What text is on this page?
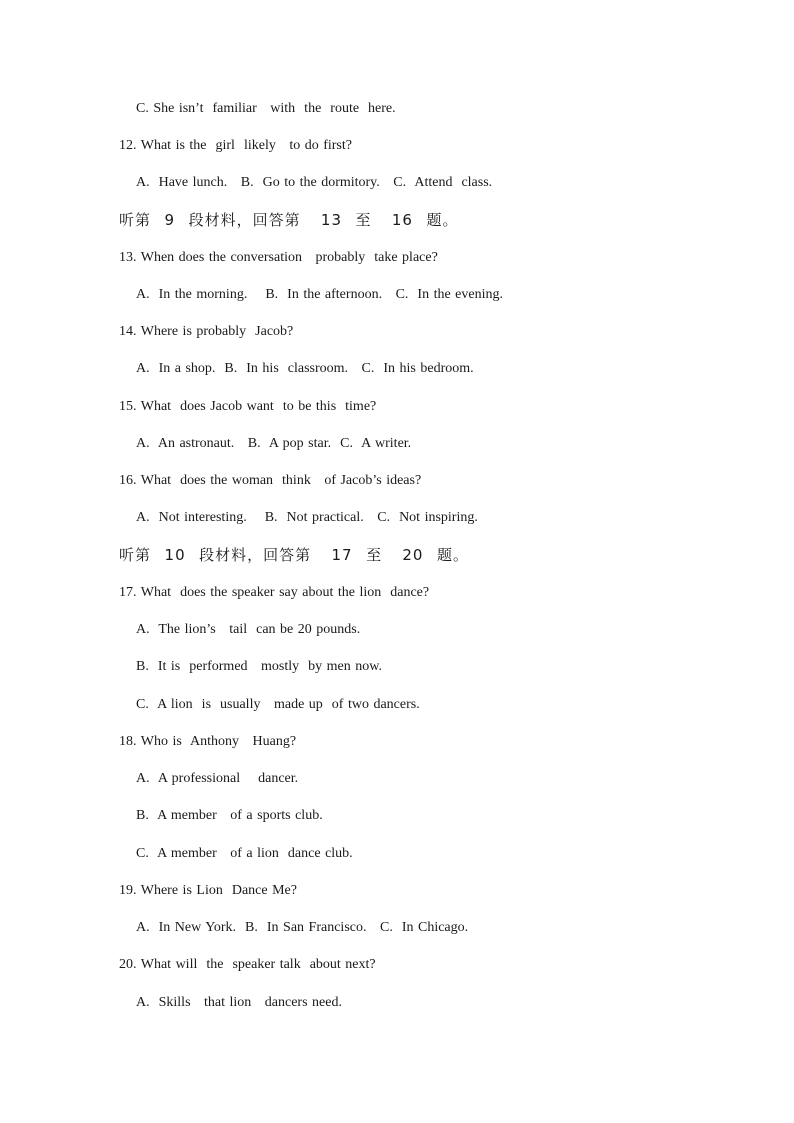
C. She isn’t  familiar   with  the  route  here.
12. What is the  girl  likely   to do first?
A.  Have lunch.   B.  Go to the dormitory.   C.  Attend  class.
听第  9  段材料，回答第   13  至   16  题。
13. When does the conversation   probably  take place?
A.  In the morning.    B.  In the afternoon.   C.  In the evening.
14. Where is probably  Jacob?
A.  In a shop.  B.  In his  classroom.   C.  In his bedroom.
15. What  does Jacob want  to be this  time?
A.  An astronaut.   B.  A pop star.  C.  A writer.
16. What  does the woman  think   of Jacob’s ideas?
A.  Not interesting.    B.  Not practical.   C.  Not inspiring.
听第  10  段材料，回答第   17  至   20  题。
17. What  does the speaker say about the lion  dance?
A.  The lion’s   tail  can be 20 pounds.
B.  It is  performed   mostly  by men now.
C.  A lion  is  usually   made up  of two dancers.
18. Who is  Anthony   Huang?
A.  A professional    dancer.
B.  A member   of a sports club.
C.  A member   of a lion  dance club.
19. Where is Lion  Dance Me?
A.  In New York.  B.  In San Francisco.   C.  In Chicago.
20. What will  the  speaker talk  about next?
A.  Skills   that lion   dancers need.
